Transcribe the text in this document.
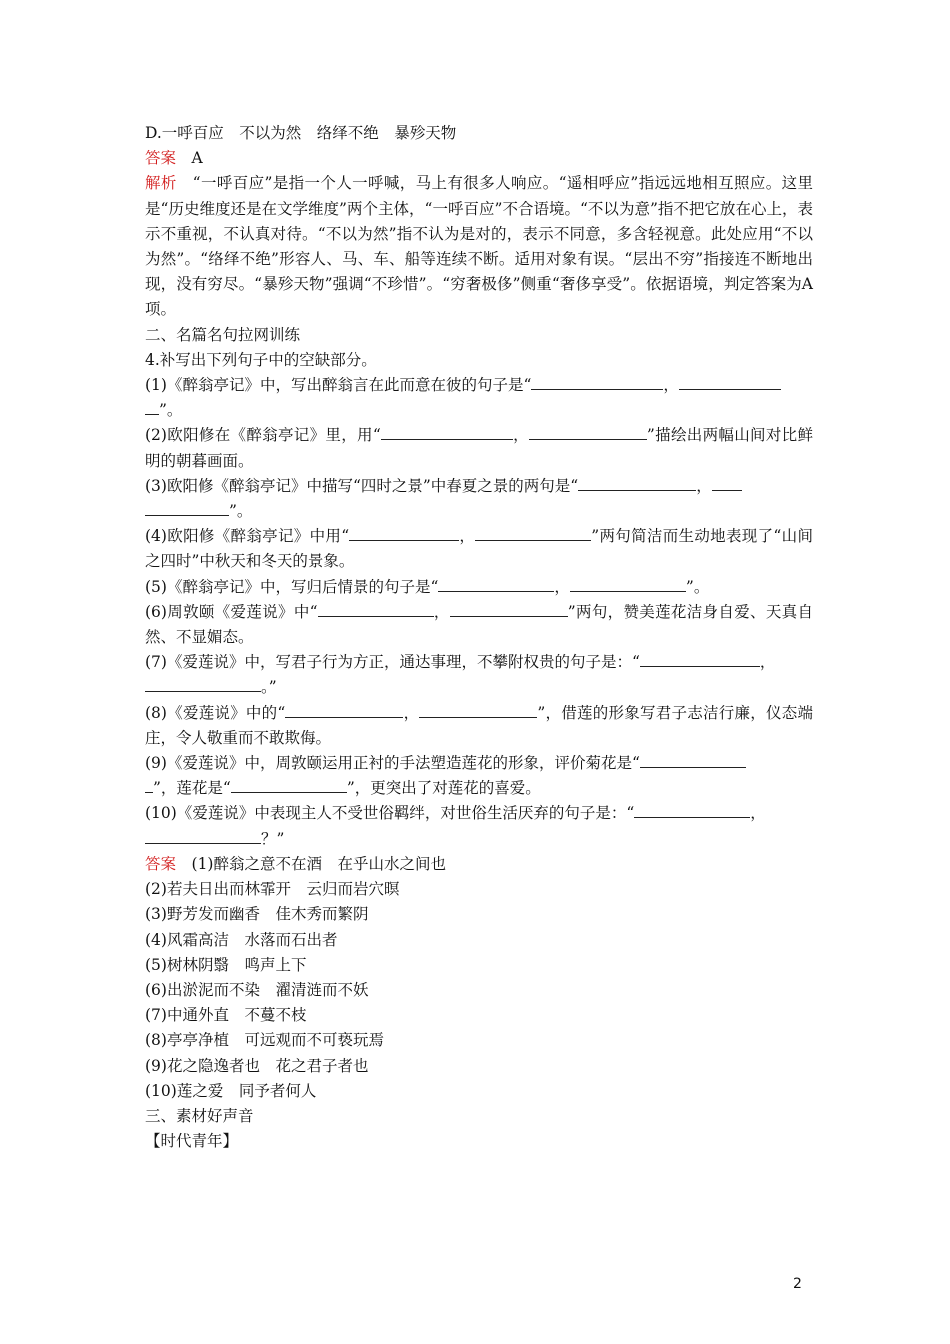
D.一呼百应　不以为然　络绎不绝　暴殄天物

答案　 A

解析　“一呼百应”是指一个人一呼喊，马上有很多人响应。“遥相呼应”指远远地相互照应。这里是“历史维度还是在文学维度”两个主体，“一呼百应”不合语境。“不以为意”指不把它放在心上，表示不重视，不认真对待。“不以为然”指不认为是对的，表示不同意，多含轻视意。此处应用“不以为然”。“络绎不绝”形容人、马、车、船等连续不断。适用对象有误。“层出不穷”指接连不断地出现，没有穷尽。“暴殄天物”强调“不珍惜”。“穷奢极侈”侧重“奢侈享受”。依据语境，判定答案为A项。

二、名篇名句拉网训练

4.补写出下列句子中的空缺部分。

(1)《醉翁亭记》中，写出醉翁言在此而意在彼的句子是“	，
”。

(2)欧阳修在《醉翁亭记》里，用“	，	”描绘出两幅山间对比鲜明的朝暮画面。

(3)欧阳修《醉翁亭记》中描写“四时之景”中春夏之景的两句是“	，
”。

(4)欧阳修《醉翁亭记》中用“	，	”两句简洁而生动地表现了“山间之四时”中秋天和冬天的景象。

(5)《醉翁亭记》中，写归后情景的句子是“	，	”。

(6)周敦颐《爱莲说》中“	，	”两句，赞美莲花洁身自爱、天真自然、不显媚态。

(7)《爱莲说》中，写君子行为方正，通达事理，不攀附权贵的句子是：“	，
。”

(8)《爱莲说》中的“	，	”，借莲的形象写君子志洁行廉，仪态端庄，令人敬重而不敢欺侮。

(9)《爱莲说》中，周敦颐运用正衬的手法塑造莲花的形象，评价菊花是“
”，莲花是“	”，更突出了对莲花的喜爱。

(10)《爱莲说》中表现主人不受世俗羁绊，对世俗生活厌弃的句子是：“	，
？”

答案　(1)醉翁之意不在酒　在乎山水之间也

(2)若夫日出而林霏开　云归而岩穴暝

(3)野芳发而幽香　佳木秀而繁阴

(4)风霜高洁　水落而石出者

(5)树林阴翳　鸣声上下

(6)出淤泥而不染　濯清涟而不妖

(7)中通外直　不蔓不枝

(8)亭亭净植　可远观而不可亵玩焉

(9)花之隐逸者也　花之君子者也

(10)莲之爱　同予者何人

三、素材好声音

【时代青年】

2
